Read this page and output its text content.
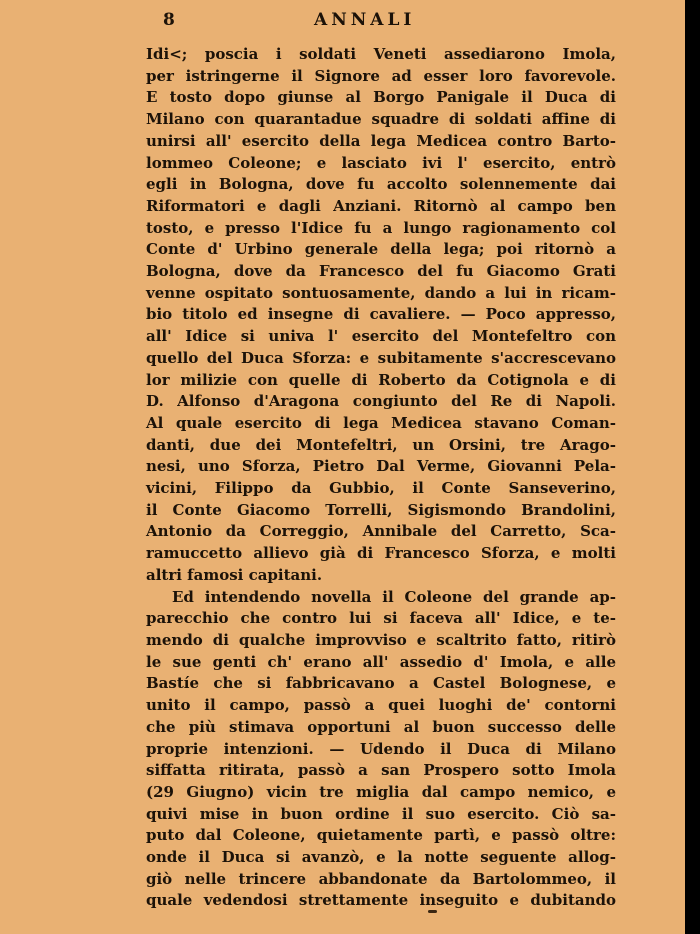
8	ANNALI
Idi<⁠⁠; poscia i soldati Veneti assediarono Imola,
per istringerne il Signore ad esser loro favorevole.
E tosto dopo giunse al Borgo Panigale il Duca di
Milano con quarantadue squadre di soldati affine di
unirsi all' esercito della lega Medicea contro Barto-
lommeo Coleone; e lasciato ivi l' esercito, entrò
egli in Bologna, dove fu accolto solennemente dai
Riformatori e dagli Anziani. Ritornò al campo ben
tosto, e presso l'Idice fu a lungo ragionamento col
Conte d' Urbino generale della lega; poi ritornò a
Bologna, dove da Francesco del fu Giacomo Grati
venne ospitato sontuosamente, dando a lui in ricam-
bio titolo ed insegne di cavaliere. — Poco appresso,
all' Idice si univa l' esercito del Montefeltro con
quello del Duca Sforza: e subitamente s'accrescevano
lor milizie con quelle di Roberto da Cotignola e di
D. Alfonso d'Aragona congiunto del Re di Napoli.
Al quale esercito di lega Medicea stavano Coman-
danti, due dei Montefeltri, un Orsini, tre Arago-
nesi, uno Sforza, Pietro Dal Verme, Giovanni Pela-
vicini, Filippo da Gubbio, il Conte Sanseverino,
il Conte Giacomo Torrelli, Sigismondo Brandolini,
Antonio da Correggio, Annibale del Carretto, Sca-
ramuccetto allievo già di Francesco Sforza, e molti
altri famosi capitani.
Ed intendendo novella il Coleone del grande ap-
parecchio che contro lui si faceva all' Idice, e te-
mendo di qualche improvviso e scaltrito fatto, ritirò
le sue genti ch' erano all' assedio d' Imola, e alle
Bastíe che si fabbricavano a Castel Bolognese, e
unito il campo, passò a quei luoghi de' contorni
che più stimava opportuni al buon successo delle
proprie intenzioni. — Udendo il Duca di Milano
siffatta ritirata, passò a san Prospero sotto Imola
(29 Giugno) vicin tre miglia dal campo nemico, e
quivi mise in buon ordine il suo esercito. Ciò sa-
puto dal Coleone, quietamente partì, e passò oltre:
onde il Duca si avanzò, e la notte seguente allog-
giò nelle trincere abbandonate da Bartolommeo, il
quale vedendosi strettamente inseguito e dubitando
